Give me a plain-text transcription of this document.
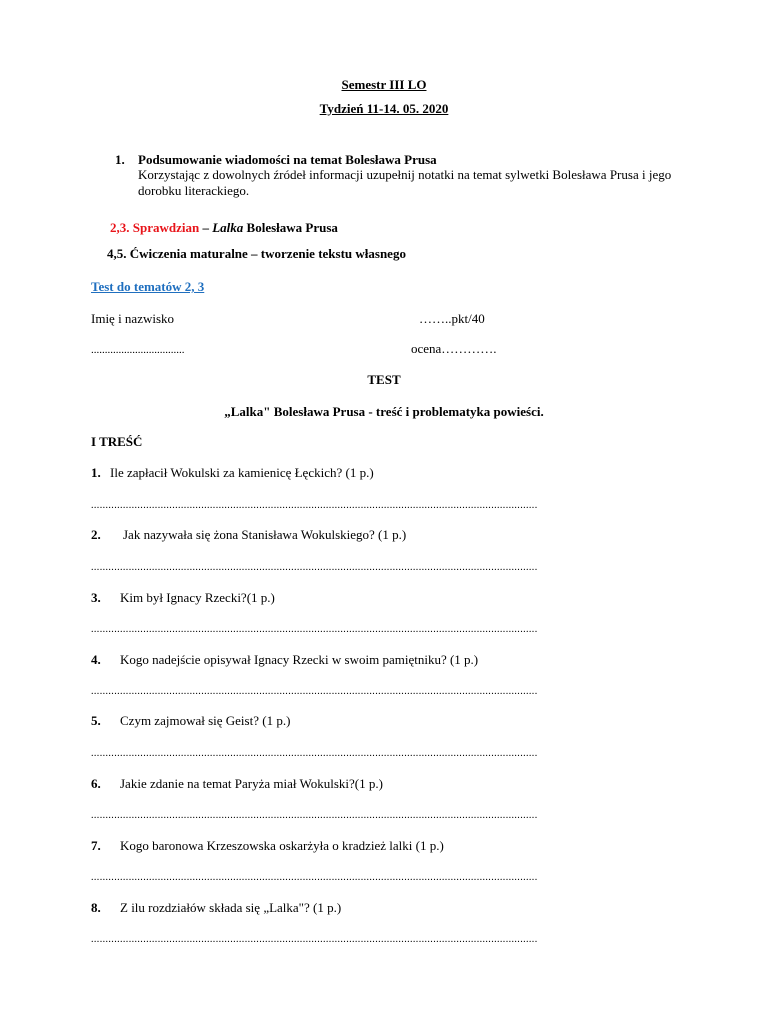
Semestr III LO
Tydzień 11-14. 05. 2020
1. Podsumowanie wiadomości na temat Bolesława Prusa
Korzystając z dowolnych źródeł informacji uzupełnij notatki na temat sylwetki Bolesława Prusa i jego
dorobku literackiego.
2,3. Sprawdzian – Lalka Bolesława Prusa
4,5. Ćwiczenia maturalne – tworzenie tekstu własnego
Test do tematów 2, 3
Imię i nazwisko	……..pkt/40
..................................	ocena………….
TEST
„Lalka" Bolesława Prusa - treść i problematyka powieści.
I TREŚĆ
1. Ile zapłacił Wokulski za kamienicę Łęckich? (1 p.)
..........................................................................................................................................................
2. Jak nazywała się żona Stanisława Wokulskiego? (1 p.)
..........................................................................................................................................................
3. Kim był Ignacy Rzecki?(1 p.)
..........................................................................................................................................................
4. Kogo nadejście opisywał Ignacy Rzecki w swoim pamiętniku? (1 p.)
..........................................................................................................................................................
5. Czym zajmował się Geist? (1 p.)
..........................................................................................................................................................
6. Jakie zdanie na temat Paryża miał Wokulski?(1 p.)
..........................................................................................................................................................
7. Kogo baronowa Krzeszowska oskarżyła o kradzież lalki (1 p.)
..........................................................................................................................................................
8. Z ilu rozdziałów składa się „Lalka"? (1 p.)
..........................................................................................................................................................
